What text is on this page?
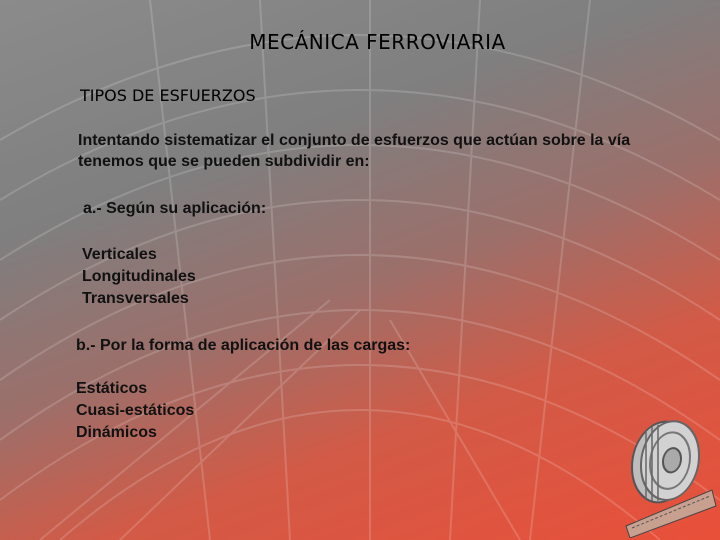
MECÁNICA FERROVIARIA
TIPOS DE ESFUERZOS
Intentando sistematizar el conjunto de esfuerzos que actúan sobre la vía tenemos que se pueden subdividir en:
a.- Según su aplicación:
Verticales
Longitudinales
Transversales
b.- Por la forma de aplicación de las cargas:
Estáticos
Cuasi-estáticos
Dinámicos
